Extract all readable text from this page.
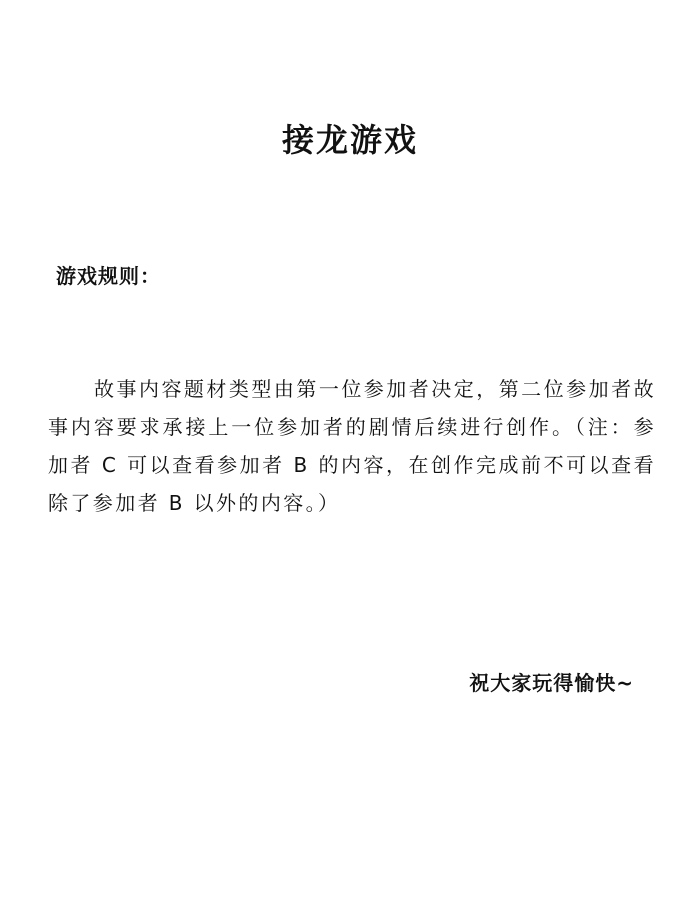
接龙游戏
游戏规则：

故事内容题材类型由第一位参加者决定，第二位参加者故事内容要求承接上一位参加者的剧情后续进行创作。（注：参加者 C 可以查看参加者 B 的内容，在创作完成前不可以查看除了参加者 B 以外的内容。）

祝大家玩得愉快~
